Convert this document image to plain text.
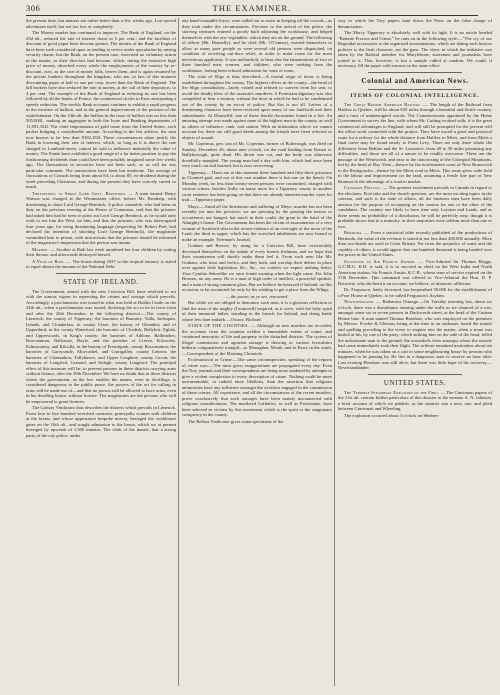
306	THE EXAMINER.

the present time, but matters are rather better than a few weeks ago. Low-priced adventures itself, but not too low as completely.

The Money market has continued to improve. The Bank of England, on the 23d ult., reduced the rate of interest down to 5 per cent.; and the facilities of discount of good paper have become greater. The returns of the Bank of England have been such considered upon as tending to revive under speculation by raising security charm; but the Bank, on the present case, exercised no voluntary action in the matter, as their directors had become, which, during the extensive high price of money, absorbed every whole the employments of the country by re-discount, now, as the rate of money falls, leaves them, and is again resumed by the private bankers throughout the kingdom, who are, in fact of this moment discounting paper at half or one per cent, lower than the Bank of England. The bill brokers have also reduced the rate of money, at the call of their depositors, to 4 per cent. The example of the Bank of England in reducing its rate has been followed by all the banks of France, the commercial circles in Paris anticipating a speedy reduction. The weekly Bank accounts continue to exhibit a rapid progress in the increase of bullion, and in the general improvement of the position of the establishment. On the 14th ult. the bullion in the issue of bullion was no less than 505,000l., making an aggregate in both the Issue and Banking departments of 11,091,354l. The chief importations of gold came from the United States, each packet bringing a considerable amount. According to the last advices, the sum now known to be less than 8102,192l. These circumstances alone justify the Bank in lowering their rate of interest, which, so long as it is above the rate charged in Lombard-street, cannot be said to influence materially the value of money. The Funds have exhibited a good range of a far better position to pay the forthcoming dividends than could have been possibly imagined some few weeks ago. The fluctuations in securities have not been such, so as call for any particular comment. The transactions have been but moderate. The average of fluctuations of Consols being from about 84; to about 85; ex-dividend during the week preceding Christmas, and during the present they have scarcely varied so much.

Threatening to Shoot Lord Govt. Berisford. — A man named Henry Watson was charged at the Westminster office, before Mr. Broderip, with threatening to shoot Lord George Bentinck. A police constable, who had been on duty on the previous evening at the House of Commons, said that the prisoner had asked him had he seen or point out Lord George Bentinck, as he would only wish to see him the West, on him, and that the prisoner, who was interrogated four years ago, for using threatening language (respecting Sir Robert Peel, had declared his intention of shooting Lord George Bentinck), the magistrate committed him to prison, with instructions that the prisoner should be informed of the magistrate's impression that the person was insane.

Murder. — Another at Bath last week murdered her four children by cutting their throats, and afterwards destroyed herself.

A Year of Rain. — The house during 1847 to the tropical tenancy is stated to equal almost the amount of the National Debt.

STATE OF IRELAND.

The Government, armed with the new Coercion Bill, have resolved to act with the utmost vigour in repressing the crimes and outrage which prevails. Accordingly, a proclamation was issued in what was held at Dublin Castle on the 24th ult., when a proclamation was issued, declaring the act to be in force from and after the 20th December, in the following districts:—The county of Limerick; the county of Tipperary; the baronies of Bunratty, Tulla, Inchiquin, Islands, and Clonderlaw, in county Clare; the barony of Glenahiry and of Upperthird, in the county Waterford; the baronies of Clonlisk, Ballybrit, Eglish, and Upperwoods, in King's county; the baronies of Athlone, Ballintober, Roscommon, Ballymoe, Boyle, and the parishes of Creeve, Kilcooley, Kilmacumsy, and Kilcolla, in the barony of Frenchpark, county Roscommon; the baronies of Garrycastle, Moycashel, and Carrigallen, county Leitrim; the baronies of Clonmahon, Tullyhunco, and Upper Loughtee, county Cavan; the baronies of Longford, Granard, and Ardagh, county Longford. The principal effect of this measure will be, to prevent persons in these districts carrying arms without licence, after the 29th December. We have no doubt that in those districts where the government, as the law enables the means, even in dwellings, is considered dangerous to the public peace, the powers of the act for calling in arms will be made use of—and that no person will be allowed to have arms, even in his dwelling house, without licence. The magistrates are the persons who will be empowered to grant licences.

The Galway Vindicator thus describes the distress which prevails in Limerick. From four to five hundred wretched creatures, principally women with children at the breast, and whose appearance bespoke misery, besieged the workhouse gates on the 16th ult., and sought admission to the house, which we at present thronged by upwards of 1,500 inmates. The clerk of the master, that a strong party of the city police, under

any band-constable Joyce, were called out to assist in keeping off the crowds—as they took under the circumstances. Previous to the arrival of the police, the starving creatures entered a poorly built adjoining the workhouse, and helped themselves with the raw vegetables, which they ate on the ground. The following of officer (Mr. Donnelly), and he clerk (Mr. O'Connor), exerted themselves to allow as many poor people as were several old persons were dispatched, on condition of receiving out-door relief, in order to make room for the most necessitous applicants. It was melancholy to hear also the lamentations of two or three hundred men, women, and children, who were seeking from the workhouse, having been refused admission for want of room.

The state of Sligo is thus described:—A fearful reign of terror is being established throughout the county. The highest officer in the county—the head of the Sligo constabulary—lately visited and refused to convert from his seat, to avoid the deadly blow of the assassin's murderer. A Protestant dignitary was also compelled to hear a sermon, without the door at which he had to be condemned out of the county by an escort of police. But this is not all. Letters of a threatening character have been received upon many of our landlords and their subordinates. At Drumcliff, one of those fearful documents found in a fire. An amazing attempt was made against none of the highest men in the county, as well as others of influence, rank, and station. With an infatuation which we cannot account for, there are still good deeds among the friends have been selected as objects of assault.

Mr. Copernus, gen. son of Mr. Copernus, farmer of Bolterough, was fired on Sunday, December 26, about nine o'clock, on the road leading from Kenan st. Ballyborough, quite dead. His throat was cut, and the body was otherwise dreadfully mangled. The young man had a day with him, which had once been very much cut and bruised, but is now recovering.

Tipperary.—There are at this moment three hundred and fifty-three prisoners in Clonmel gaol, and out of this vast number there is but one on the bench. On Monday week, no less than twenty-seven persons were committed, charged with various crimes, besides Ardly on many more for a Tipperary county in another court sentence has been going on that there are already nineteen murder cases for trial.—Tipperary paper.

Mayo.—Amid all the destitution and suffering of Mayo, murder has not been recently yet into the province; we are pressing by the passing the terrors or occurrences not hanged, but much in their could, the great in the hand of the Almighty's house. The Government has been the victim of assassination of a very woman of Swinford who in the recent violence of an oversight of the more of the Land; the third in upper, which has the wretched inhabitants are now bound to make an example. Freeman's Journal.

Graham and Brewer, by using for a Coercion Bill, have irretrievably decreased themselves on the minds of every honest Irishman, and we hope that their countrymen will shortly make them feel it. From such men like Mr. Graham, who feast and frolics, and they both, and worship their deities in place over against Irish legislation, &c., &c., we confess we expect nothing better. Your Cynthia Sekordihe we once found wanting when the light came. For John Browns, no any army. He is a man of high order of intellect, a powerful speaker, and a man of strong common glass. But we believe he betrayed if Ireland, on this occasion, to be accounted for only by his wishing to get a place from the Whigs.

— the power, as ye see, renowned.

But while we are obliged to denounce such men, it is a glorious reflection to find the men of the mighty (Cromwell) inspired, as it were, with the lofty spirit of their immortal father, standing in the breach for Ireland, and doing battle where few dare embark.—Ossory, Richard.

STATE OF THE COUNTIES. — Although no new murders are recorded, the accounts from the counties exhibit a lamentable extent of crime, and continued insecurity of life and property in the disturbed districts. The system of illegal commission and agrarian outrage is drawing to various lexicalities hitherto comparatively tranquil—to Monaghan, Meath, and to Kerry in the south.—Correspondent of the Morning Chronicle.

Ecclesiastical or Crime.—The same circumspection, speaking of the reports of crime says:—The most gross exaggerations are propagated every day. Even the Tory journals and their correspondents are being most outdated by attempts to give a violent complexion to every description of crime. Nothing could be more unwarrantable, or indeed more libellous, than the assertion that religious animosities have any influence amongst the wretches engaged in the commission of those crimes. All experience, and all the circumstances of the recent murders, prove conclusively that such outrages have been mainly unconnected with religious considerations. The murdered Catholics, as well as Protestants, have been selected as victims by this movement which is the spirit or the sanguinary conspiracy in the county.

The Belfast Vindicator gives some specimens of the

way in which the Tory papers hunt down the Press on the false charge of denunciation.

The Mercy Tipperary is absolutely well with its light. It is an article headed "Remote Process and Crime," he runs on in the following style:—"The cry of our Regicidal accessories to the organized assassinations, which are dating such horrors policies to the Irish character, are the guns. The slave, in which the initiative was taken by the Radical member for Marylebone, statesmen and journalists have joined in it. This, however, is but a sample culled at random. We could, if necessary, fill the paper with extracts in the same effect.

Colonial and American News.
ITEMS OF COLONIAL INTELLIGENCE.

The Great British American Railway. — The length of the Railroad from Halifax to Quebec, will be about 635 miles through a beautiful and fertile country, and a tract of uninterrupted woods. The Commissioners appointed by the Home Government to survey the line, with whom Mr. Cutting worked with, it is the great commercial advantages to England, and will still be prompted for the present will the office work connected with the project. They have traced a good and practical route for a railway for the whole distance from Halifax to Metis, and from Metis a final curve may be found nearly to Point Levy. There are only three whole the difference from Halifax and the St. Lawrence, from 20 to 30 miles promising any difficulties, and those are all of a nature to be readily overcome. These are the passage of the Wentworth, and near to the outcrossing of the Cobequid Mountains, led by the head of Bay Verte—thence by the northeastern coast of New Brunswick to the Restigouche—thence by the Metis road to Metis. This route gives wide field to the labour and improvement on the land, assuming a fertile line part of New Brunswick the advantage of a road to market.

Canadian Politics. — The greatest excitement prevails in Canada in regard to the elections. Poet take and the church question, are the most exciting topics in the canvass, and such is the state of affairs, all the business men have been daily anxious for the purpose of occupying on the contest for one or the other of the candidates. The country one likely to have time only Loyston and Lands, and as there seems no probability of a dissolution, he will be perfectly easy, though it is probable shows that in a minority, as their majorities were seldom more than one or two.

Bermuda. — From a statistical table recently published of the productions of Bermuda, the value of the revenue is stated at not less than 200,000 annually. More than two-thirds are used in Great Britain. Yet from the prejudice of some and the cupidity of others, it would appear that one hundred thousand is being handed over the prices in the United States.

Successor to Sir Francis Antrim. — Vice-Admiral Sir Thomas Briggs, G.C.M.G. K.H. is said, it is to succeed as chief on the West India and North American station, Sir Francis Austin, K.C.B., whose term of service expired on the 27th December. This command was offered to Vice-Admiral the Hon. D. P. Bouverie, who declined it on account, we believe, of domestic affliction.

Dr. Fergusson, lately deceased, has bequeathed 50,000 for the establishment of a Poor House at Quebec, to be called Fergusson's Asylum.

Newfoundland. — Barbarous Outrage.—On Tuesday morning last, about six o'clock, there was a disturbance ensuing under the walls as we chanced of a row, amongst some six or seven persons in Duckworth-street, at the head of the Custom House lane. A man named Thomas Brenhaw, who was employed on the premises by Messrs. Fowler & Gleeson, being at the time in an outhouse, heard the tumult and quelling preceding to the scene to enquire into the matter, when a stone was hurled at his, by one of the party, which striking him on the side of the head, felled the unfortunate man to the ground; the scoundrels from amongst whom the missile had come immediately took their flight. The sufferer remained motionless about ten minutes, when he was taken on a cart to some neighbouring house by persons who happened to be passing by. He lies in a dangerous state to receive an hour after. Last evening Brenhaw was still alive, but there was little hope of his recovery.—Newfoundlander.

UNITED STATES.

The Terrible Steamboat Explosion on the Ohio. — The Cincinnati papers of the 21st ult. contain further particulars of this disaster to the steamer A. N. Johnson, a brief account of which we publish, as the steamer was a new, one, and plied between Cincinnati and Wheeling.

The explosion occurred about 3 o'clock on Wednes-
